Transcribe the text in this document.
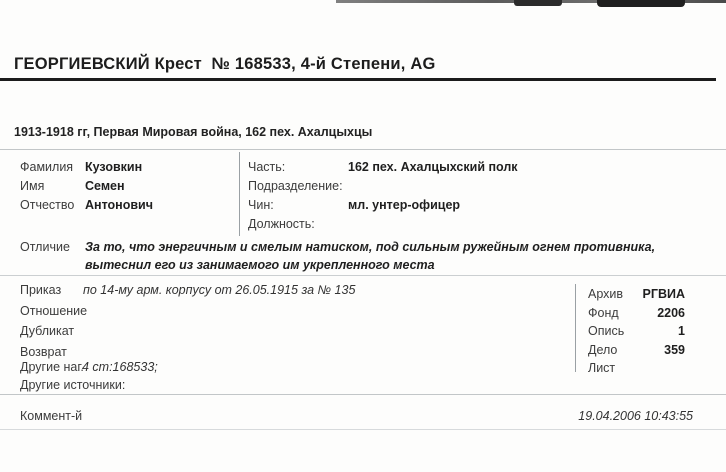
ГЕОРГИЕВСКИЙ Крест  № 168533, 4-й Степени, AG
1913-1918 гг, Первая Мировая война, 162 пех. Ахалцыхцы
Фамилия Кузовкин
Имя	Семен
Отчество Антонович
Часть:	162 пех. Ахалцыхский полк
Подразделение:
Чин:	мл. унтер-офицер
Должность:
Отличие За то, что энергичным и смелым натиском, под сильным ружейным огнем противника, вытеснил его из занимаемого им укрепленного места
Приказ по 14-му арм. корпусу от 26.05.1915 за № 135
Отношение
Дубликат
Возврат
Другие наг.
4 ст:168533;
Другие источники:
Архив	РГВИА
Фонд	2206
Опись	1
Дело	359
Лист
Коммент-й	19.04.2006 10:43:55
